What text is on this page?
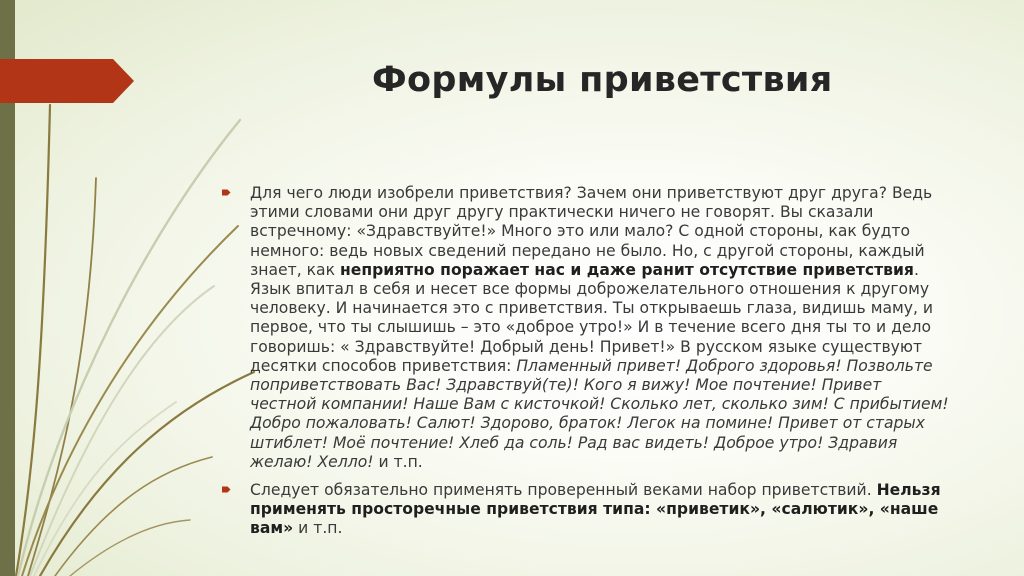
Формулы приветствия
Для чего люди изобрели приветствия? Зачем они приветствуют друг друга? Ведь этими словами они друг другу практически ничего не говорят. Вы сказали встречному: «Здравствуйте!» Много это или мало? С одной стороны, как будто немного: ведь новых сведений передано не было. Но, с другой стороны, каждый знает, как неприятно поражает нас и даже ранит отсутствие приветствия. Язык впитал в себя и несет все формы доброжелательного отношения к другому человеку. И начинается это с приветствия. Ты открываешь глаза, видишь маму, и первое, что ты слышишь – это «доброе утро!» И в течение всего дня ты то и дело говоришь: « Здравствуйте! Добрый день! Привет!» В русском языке существуют десятки способов приветствия: Пламенный привет! Доброго здоровья! Позвольте поприветствовать Вас! Здравствуй(те)! Кого я вижу! Мое почтение! Привет честной компании! Наше Вам с кисточкой! Сколько лет, сколько зим! С прибытием! Добро пожаловать! Салют! Здорово, браток! Легок на помине! Привет от старых штиблет! Моё почтение! Хлеб да соль! Рад вас видеть! Доброе утро! Здравия желаю! Хелло! и т.п.
Следует обязательно применять проверенный веками набор приветствий. Нельзя применять просторечные приветствия типа: «приветик», «салютик», «наше вам» и т.п.
